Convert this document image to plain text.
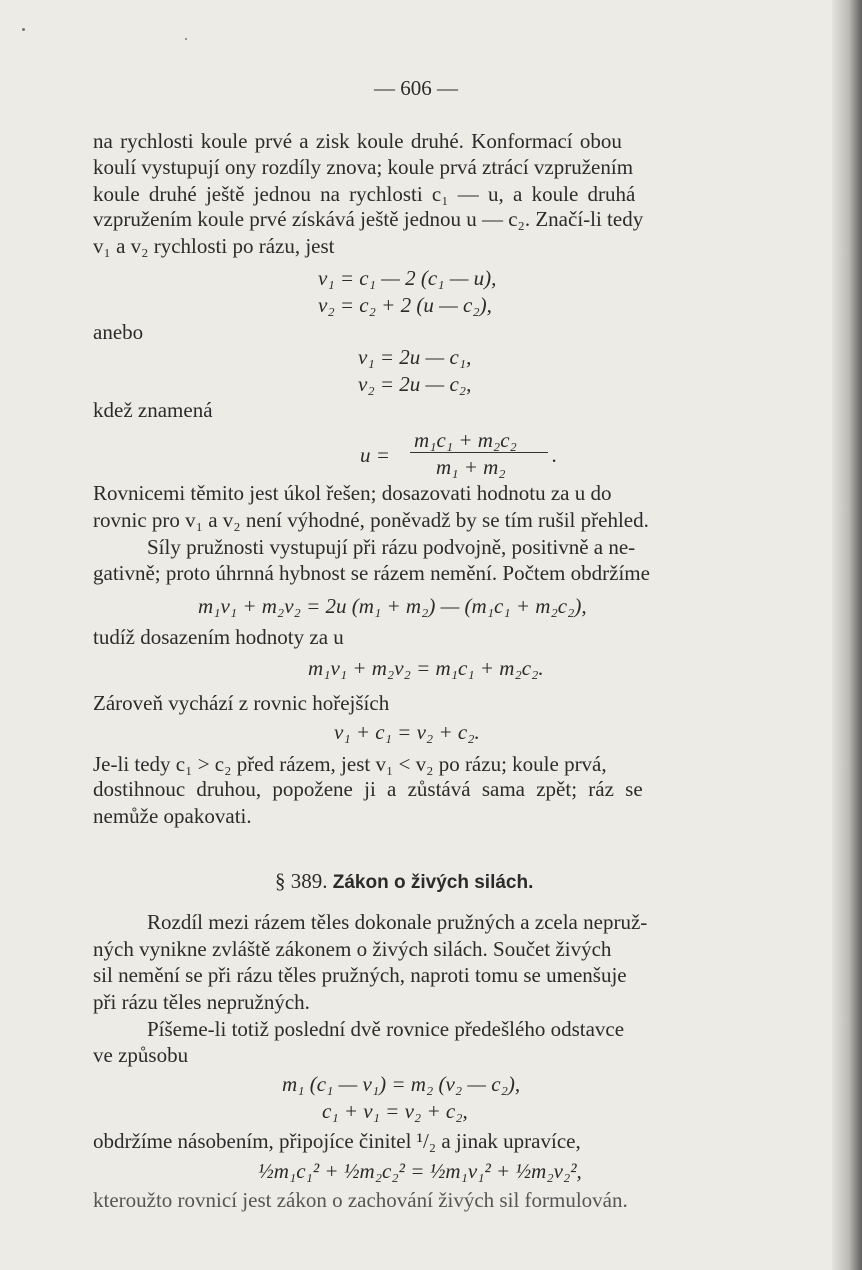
— 606 —
na rychlosti koule prvé a zisk koule druhé. Konformací obou
koulí vystupují ony rozdíly znova; koule prvá ztrácí vzpružením
koule druhé ještě jednou na rychlosti c₁ — u, a koule druhá
vzpružením koule prvé získává ještě jednou u — c₂. Značí-li tedy
v₁ a v₂ rychlosti po rázu, jest
v₁ = c₁ — 2 (c₁ — u),
v₂ = c₂ + 2 (u — c₂),
anebo
v₁ = 2u — c₁,
v₂ = 2u — c₂,
kdež znamená
u =
m₁c₁ + m₂c₂
m₁ + m₂ .
Rovnicemi těmito jest úkol řešen; dosazovati hodnotu za u do
rovnic pro v₁ a v₂ není výhodné, poněvadž by se tím rušil přehled.
Síly pružnosti vystupují při rázu podvojně, positivně a ne-
gativně; proto úhrnná hybnost se rázem nemění. Počtem obdržíme
m₁v₁ + m₂v₂ = 2u (m₁ + m₂) — (m₁c₁ + m₂c₂),
tudíž dosazením hodnoty za u
m₁v₁ + m₂v₂ = m₁c₁ + m₂c₂.
Zároveň vychází z rovnic hořejších
v₁ + c₁ = v₂ + c₂.
Je-li tedy c₁ > c₂ před rázem, jest v₁ < v₂ po rázu; koule prvá,
dostihnouc druhou, popožene ji a zůstává sama zpět; ráz se
nemůže opakovati.
§ 389. Zákon o živých silách.
Rozdíl mezi rázem těles dokonale pružných a zcela nepruž-
ných vynikne zvláště zákonem o živých silách. Součet živých
sil nemění se při rázu těles pružných, naproti tomu se umenšuje
při rázu těles nepružných.
Píšeme-li totiž poslední dvě rovnice předešlého odstavce
ve způsobu
m₁ (c₁ — v₁) = m₂ (v₂ — c₂),
c₁ + v₁ = v₂ + c₂,
obdržíme násobením, připojíce činitel ¹/₂ a jinak upravíce,
½m₁c₁² + ½m₂c₂² = ½m₁v₁² + ½m₂v₂²,
kteroužto rovnicí jest zákon o zachování živých sil formulován.
